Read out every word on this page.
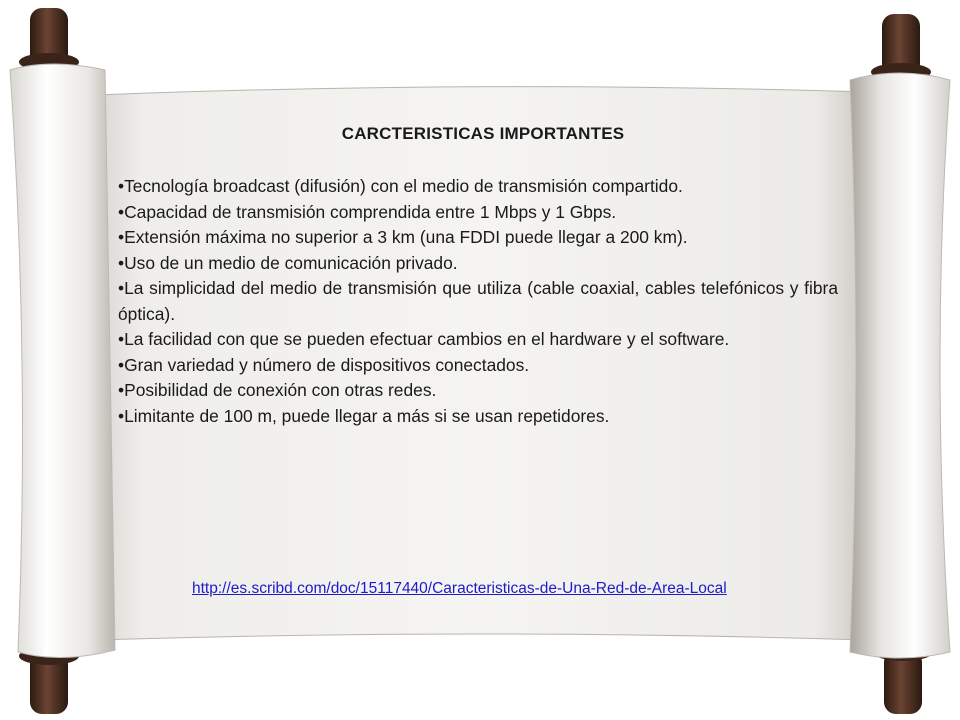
CARCTERISTICAS IMPORTANTES
• Tecnología broadcast (difusión) con el medio de transmisión compartido.
• Capacidad de transmisión comprendida entre 1 Mbps y 1 Gbps.
• Extensión máxima no superior a 3 km (una FDDI puede llegar a 200 km).
• Uso de un medio de comunicación privado.
• La simplicidad del medio de transmisión que utiliza (cable coaxial, cables telefónicos y fibra óptica).
• La facilidad con que se pueden efectuar cambios en el hardware y el software.
• Gran variedad y número de dispositivos conectados.
• Posibilidad de conexión con otras redes.
• Limitante de 100 m, puede llegar a más si se usan repetidores.
http://es.scribd.com/doc/15117440/Caracteristicas-de-Una-Red-de-Area-Local
